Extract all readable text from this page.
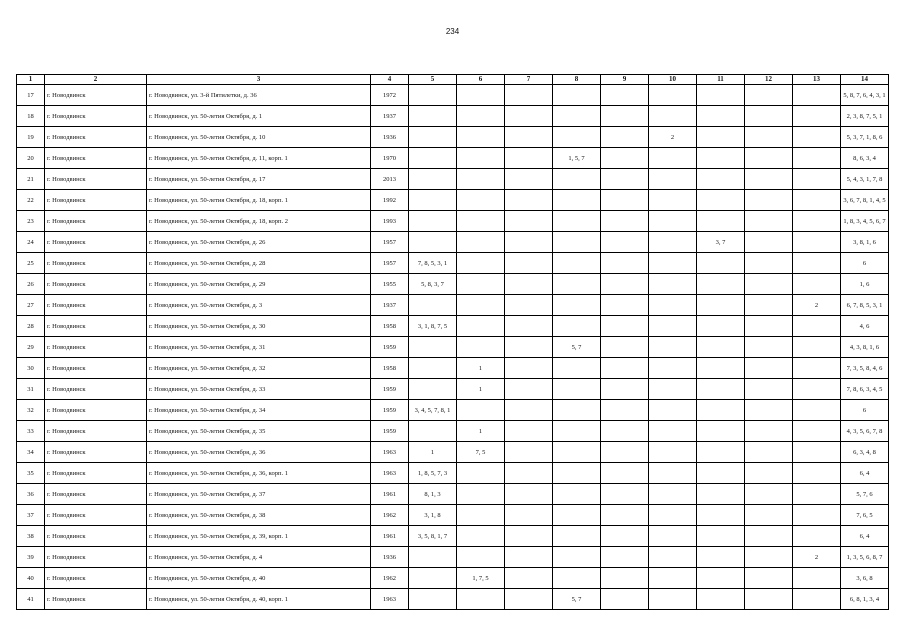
234
1	2	3	4	5	6	7	8	9	10	11	12	13	14
17	г. Новодвинск	г. Новодвинск, ул. 3-й Пятилетки, д. 36	1972										5, 8, 7, 6, 4, 3, 1
18	г. Новодвинск	г. Новодвинск, ул. 50-летия Октября, д. 1	1937										2, 3, 8, 7, 5, 1
19	г. Новодвинск	г. Новодвинск, ул. 50-летия Октября, д. 10	1936						2				5, 3, 7, 1, 8, 6
20	г. Новодвинск	г. Новодвинск, ул. 50-летия Октября, д. 11, корп. 1	1970				1, 5, 7						8, 6, 3, 4
21	г. Новодвинск	г. Новодвинск, ул. 50-летия Октября, д. 17	2013										5, 4, 3, 1, 7, 8
22	г. Новодвинск	г. Новодвинск, ул. 50-летия Октября, д. 18, корп. 1	1992										3, 6, 7, 8, 1, 4, 5
23	г. Новодвинск	г. Новодвинск, ул. 50-летия Октября, д. 18, корп. 2	1993										1, 8, 3, 4, 5, 6, 7
24	г. Новодвинск	г. Новодвинск, ул. 50-летия Октября, д. 26	1957							3, 7			3, 8, 1, 6
25	г. Новодвинск	г. Новодвинск, ул. 50-летия Октября, д. 28	1957	7, 8, 5, 3, 1									6
26	г. Новодвинск	г. Новодвинск, ул. 50-летия Октября, д. 29	1955	5, 8, 3, 7									1, 6
27	г. Новодвинск	г. Новодвинск, ул. 50-летия Октября, д. 3	1937									2	6, 7, 8, 5, 3, 1
28	г. Новодвинск	г. Новодвинск, ул. 50-летия Октября, д. 30	1958	3, 1, 8, 7, 5									4, 6
29	г. Новодвинск	г. Новодвинск, ул. 50-летия Октября, д. 31	1959				5, 7						4, 3, 8, 1, 6
30	г. Новодвинск	г. Новодвинск, ул. 50-летия Октября, д. 32	1958		1								7, 3, 5, 8, 4, 6
31	г. Новодвинск	г. Новодвинск, ул. 50-летия Октября, д. 33	1959		1								7, 8, 6, 3, 4, 5
32	г. Новодвинск	г. Новодвинск, ул. 50-летия Октября, д. 34	1959	3, 4, 5, 7, 8, 1									6
33	г. Новодвинск	г. Новодвинск, ул. 50-летия Октября, д. 35	1959		1								4, 3, 5, 6, 7, 8
34	г. Новодвинск	г. Новодвинск, ул. 50-летия Октября, д. 36	1963	1	7, 5								6, 3, 4, 8
35	г. Новодвинск	г. Новодвинск, ул. 50-летия Октября, д. 36, корп. 1	1963	1, 8, 5, 7, 3									6, 4
36	г. Новодвинск	г. Новодвинск, ул. 50-летия Октября, д. 37	1961	8, 1, 3									5, 7, 6
37	г. Новодвинск	г. Новодвинск, ул. 50-летия Октября, д. 38	1962	3, 1, 8									7, 6, 5
38	г. Новодвинск	г. Новодвинск, ул. 50-летия Октября, д. 39, корп. 1	1961	3, 5, 8, 1, 7									6, 4
39	г. Новодвинск	г. Новодвинск, ул. 50-летия Октября, д. 4	1936									2	1, 3, 5, 6, 8, 7
40	г. Новодвинск	г. Новодвинск, ул. 50-летия Октября, д. 40	1962		1, 7, 5								3, 6, 8
41	г. Новодвинск	г. Новодвинск, ул. 50-летия Октября, д. 40, корп. 1	1963				5, 7						6, 8, 1, 3, 4
